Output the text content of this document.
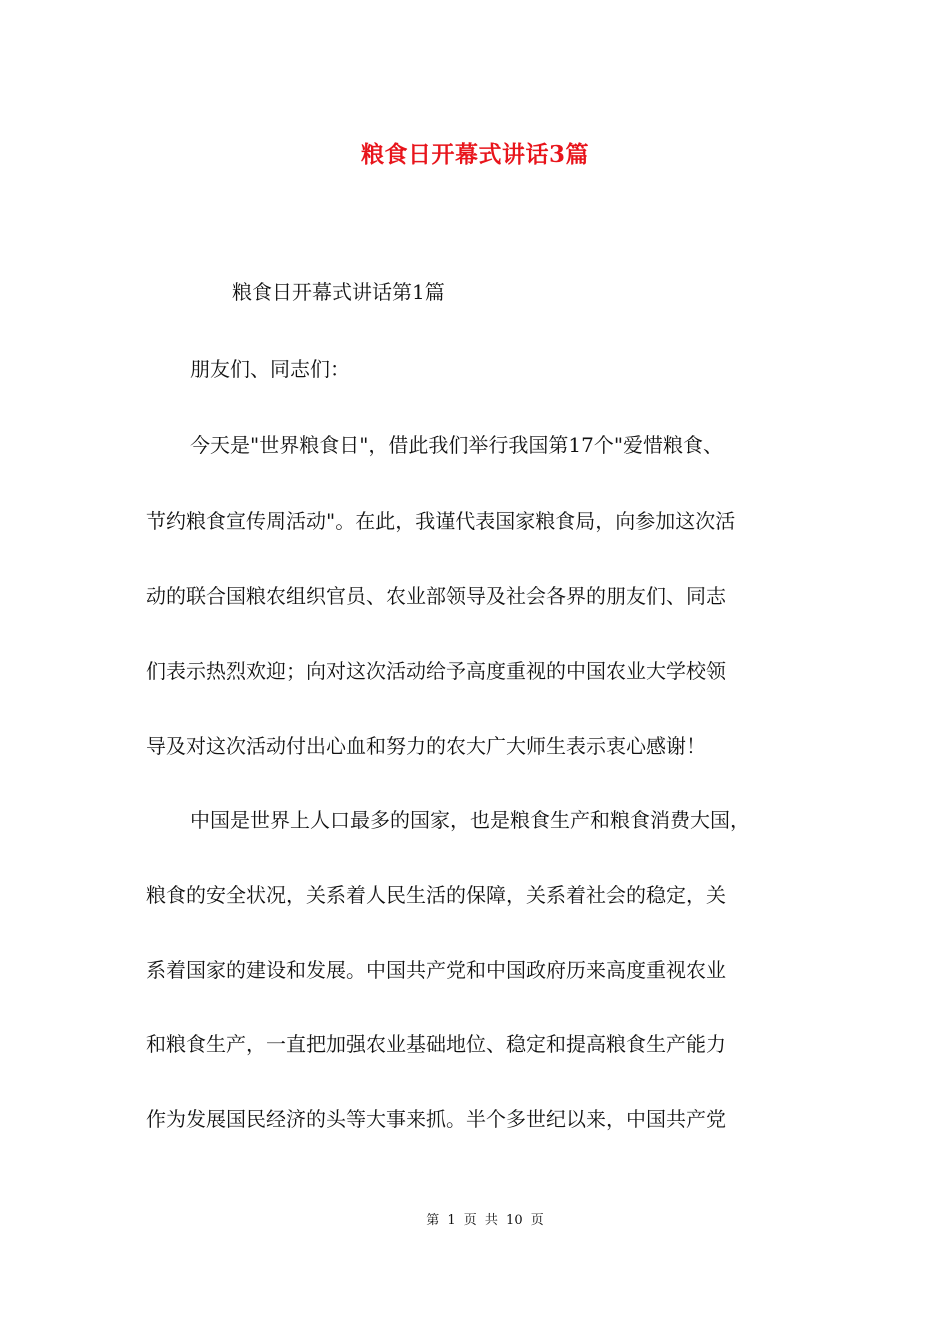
粮食日开幕式讲话3篇
粮食日开幕式讲话第1篇
朋友们、同志们：
今天是"世界粮食日"，借此我们举行我国第17个"爱惜粮食、
节约粮食宣传周活动"。在此，我谨代表国家粮食局，向参加这次活
动的联合国粮农组织官员、农业部领导及社会各界的朋友们、同志
们表示热烈欢迎；向对这次活动给予高度重视的中国农业大学校领
导及对这次活动付出心血和努力的农大广大师生表示衷心感谢！
中国是世界上人口最多的国家，也是粮食生产和粮食消费大国，
粮食的安全状况，关系着人民生活的保障，关系着社会的稳定，关
系着国家的建设和发展。中国共产党和中国政府历来高度重视农业
和粮食生产，一直把加强农业基础地位、稳定和提高粮食生产能力
作为发展国民经济的头等大事来抓。半个多世纪以来，中国共产党
第 1 页 共 10 页
